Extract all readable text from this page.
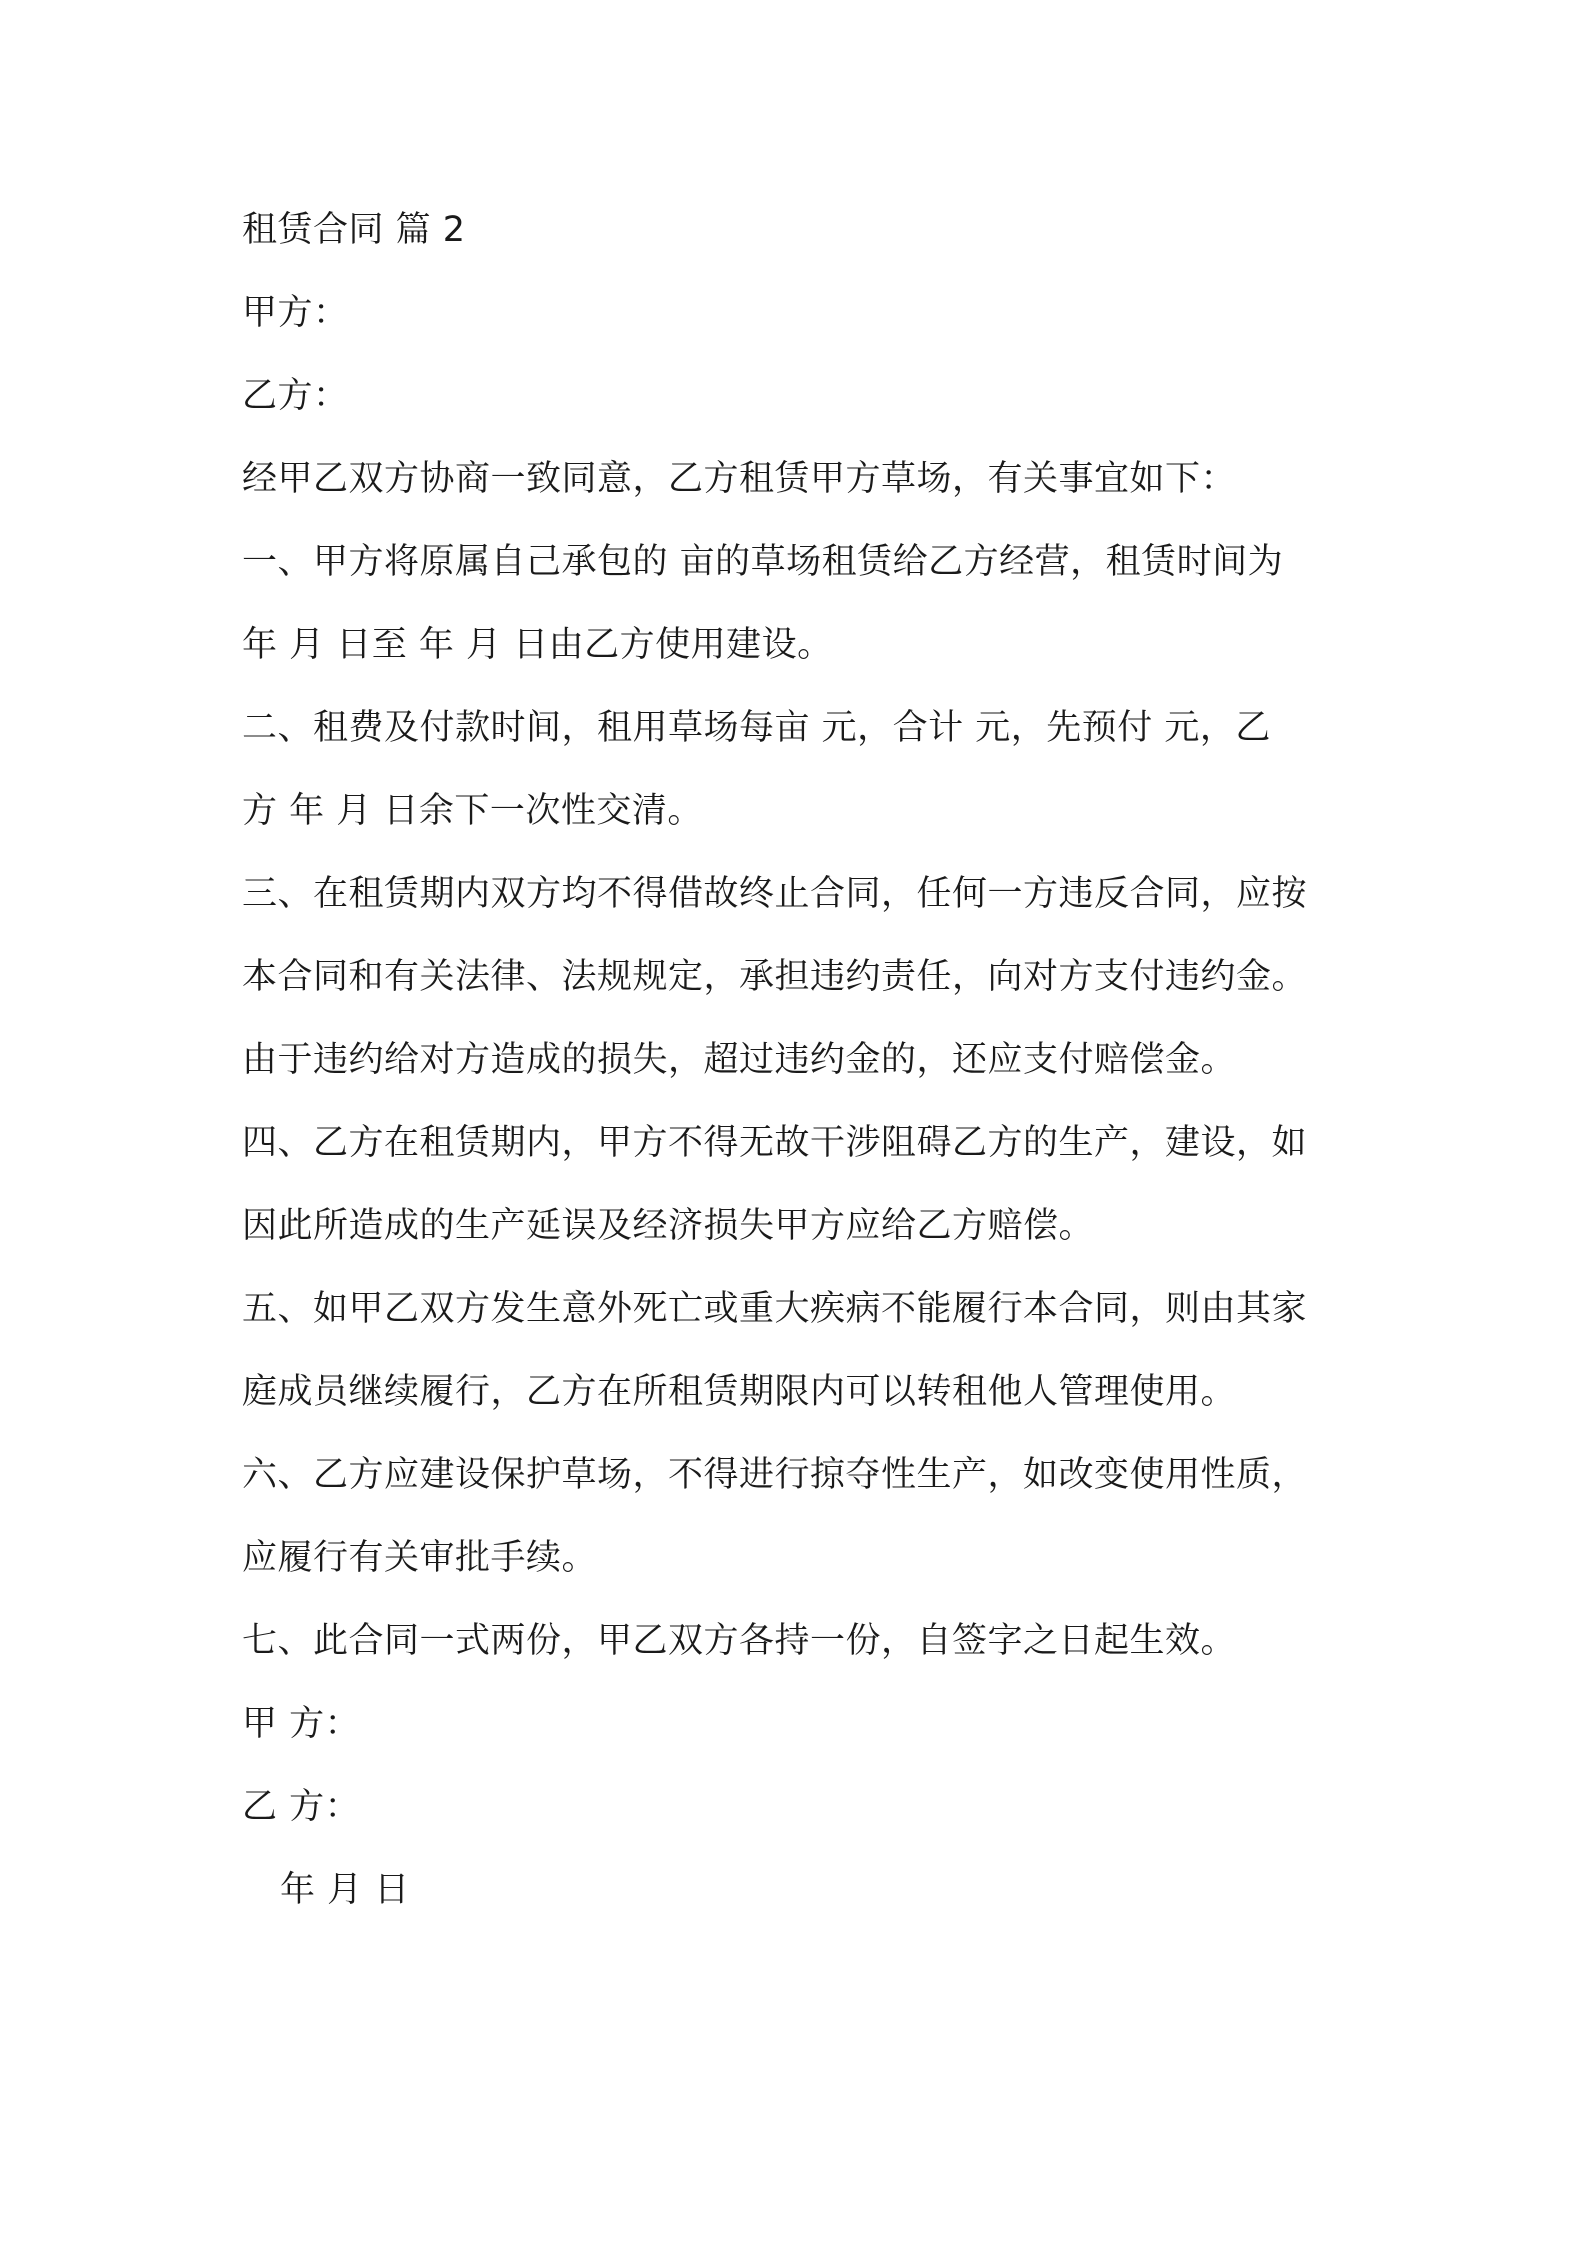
租赁合同 篇 2
甲方：
乙方：
经甲乙双方协商一致同意，乙方租赁甲方草场，有关事宜如下：
一、甲方将原属自己承包的 亩的草场租赁给乙方经营，租赁时间为
年 月 日至 年 月 日由乙方使用建设。
二、租费及付款时间，租用草场每亩 元，合计 元，先预付 元，乙
方 年 月 日余下一次性交清。
三、在租赁期内双方均不得借故终止合同，任何一方违反合同，应按
本合同和有关法律、法规规定，承担违约责任，向对方支付违约金。
由于违约给对方造成的损失，超过违约金的，还应支付赔偿金。
四、乙方在租赁期内，甲方不得无故干涉阻碍乙方的生产，建设，如
因此所造成的生产延误及经济损失甲方应给乙方赔偿。
五、如甲乙双方发生意外死亡或重大疾病不能履行本合同，则由其家
庭成员继续履行，乙方在所租赁期限内可以转租他人管理使用。
六、乙方应建设保护草场，不得进行掠夺性生产，如改变使用性质，
应履行有关审批手续。
七、此合同一式两份，甲乙双方各持一份，自签字之日起生效。
甲 方：
乙 方：
年 月 日
